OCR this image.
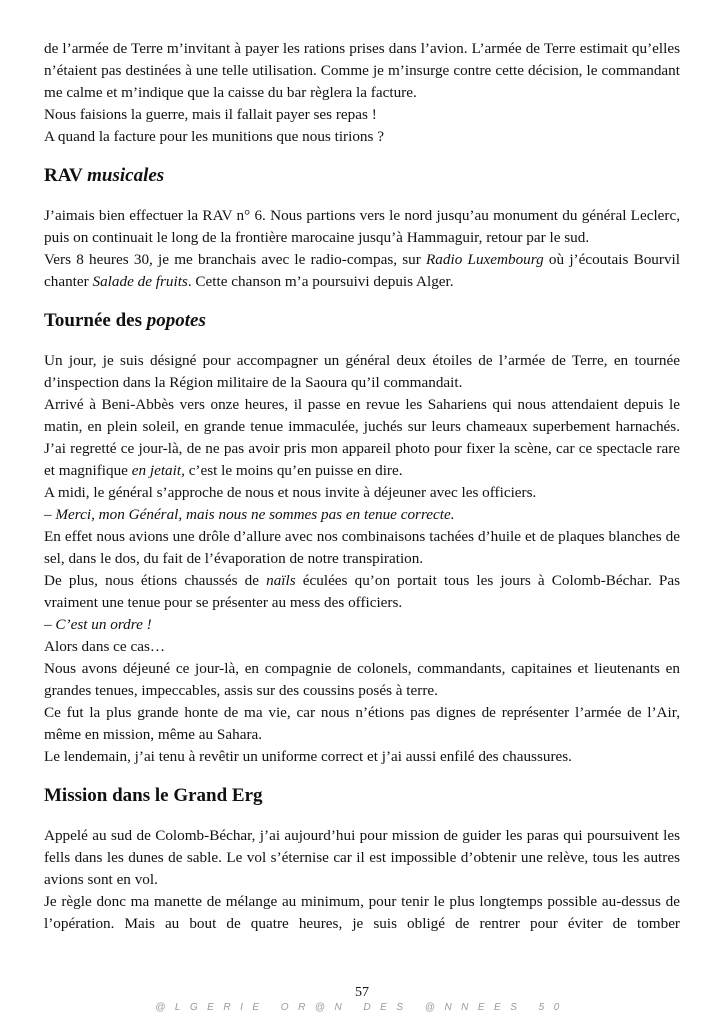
de l’armée de Terre m’invitant à payer les rations prises dans l’avion. L’armée de Terre estimait qu’elles n’étaient pas destinées à une telle utilisation. Comme je m’insurge contre cette décision, le commandant me calme et m’indique que la caisse du bar règlera la facture.

Nous faisions la guerre, mais il fallait payer ses repas !

A quand la facture pour les munitions que nous tirions ?

RAV musicales

J’aimais bien effectuer la RAV n° 6. Nous partions vers le nord jusqu’au monument du général Leclerc, puis on continuait le long de la frontière marocaine jusqu’à Hammaguir, retour par le sud.

Vers 8 heures 30, je me branchais avec le radio-compas, sur Radio Luxembourg où j’écoutais Bourvil chanter Salade de fruits. Cette chanson m’a poursuivi depuis Alger.

Tournée des popotes

Un jour, je suis désigné pour accompagner un général deux étoiles de l’armée de Terre, en tournée d’inspection dans la Région militaire de la Saoura qu’il commandait.

Arrivé à Beni-Abbès vers onze heures, il passe en revue les Sahariens qui nous attendaient depuis le matin, en plein soleil, en grande tenue immaculée, juchés sur leurs chameaux superbement harnachés. J’ai regretté ce jour-là, de ne pas avoir pris mon appareil photo pour fixer la scène, car ce spectacle rare et magnifique en jetait, c’est le moins qu’en puisse en dire.

A midi, le général s’approche de nous et nous invite à déjeuner avec les officiers.

– Merci, mon Général, mais nous ne sommes pas en tenue correcte.

En effet nous avions une drôle d’allure avec nos combinaisons tachées d’huile et de plaques blanches de sel, dans le dos, du fait de l’évaporation de notre transpiration.

De plus, nous étions chaussés de naïls éculées qu’on portait tous les jours à Colomb-Béchar. Pas vraiment une tenue pour se présenter au mess des officiers.

– C’est un ordre !

Alors dans ce cas…

Nous avons déjeuné ce jour-là, en compagnie de colonels, commandants, capitaines et lieutenants en grandes tenues, impeccables, assis sur des coussins posés à terre.

Ce fut la plus grande honte de ma vie, car nous n’étions pas dignes de représenter l’armée de l’Air, même en mission, même au Sahara.

Le lendemain, j’ai tenu à revêtir un uniforme correct et j’ai aussi enfilé des chaussures.

Mission dans le Grand Erg

Appelé au sud de Colomb-Béchar, j’ai aujourd’hui pour mission de guider les paras qui poursuivent les fells dans les dunes de sable. Le vol s’éternise car il est impossible d’obtenir une relève, tous les autres avions sont en vol.

Je règle donc ma manette de mélange au minimum, pour tenir le plus longtemps possible au-dessus de l’opération. Mais au bout de quatre heures, je suis obligé de rentrer pour éviter de tomber

57
@LGERIE OR@N DES @NNEES 50
